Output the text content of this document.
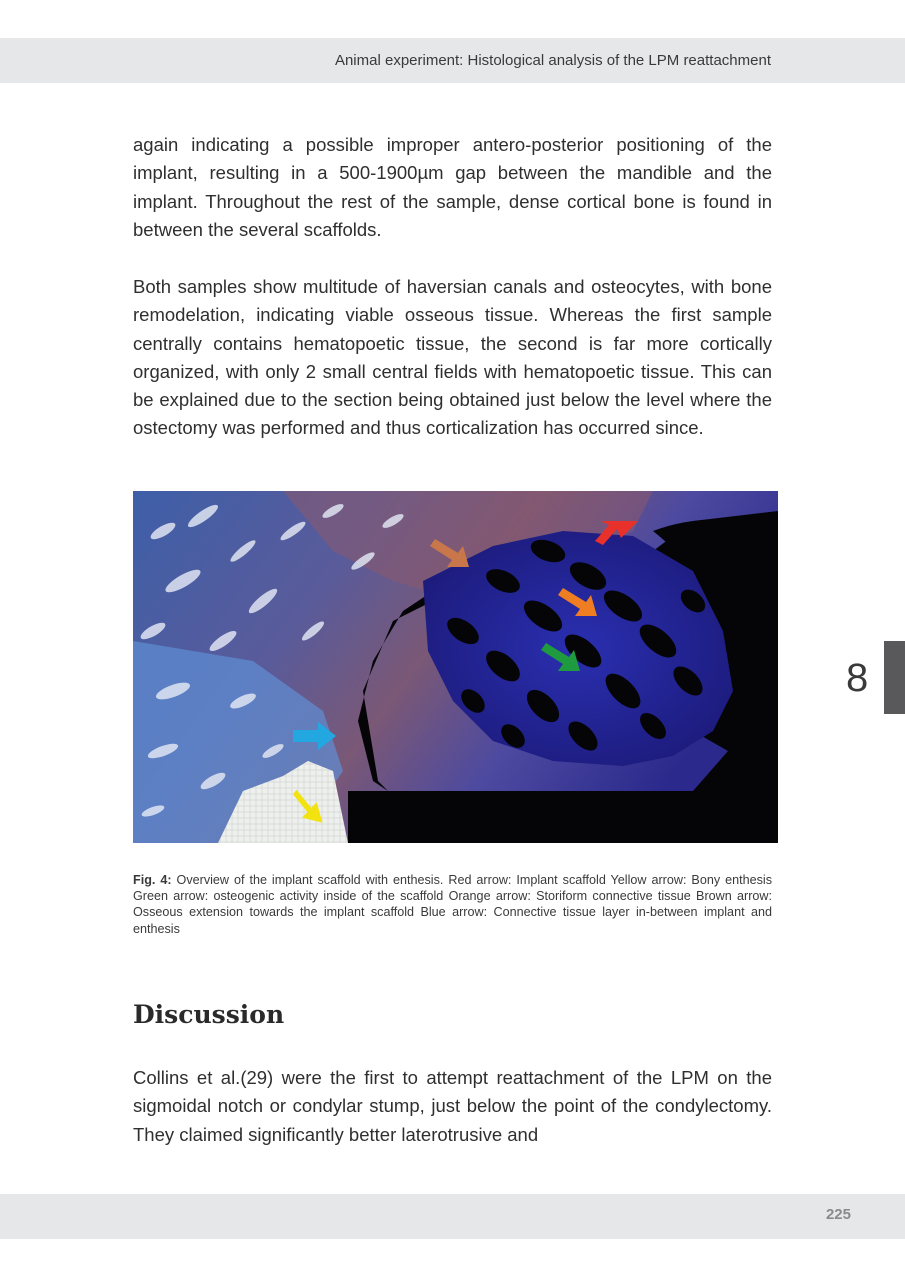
Animal experiment: Histological analysis of the LPM reattachment

again indicating a possible improper antero-posterior positioning of the implant, resulting in a 500-1900µm gap between the mandible and the implant. Throughout the rest of the sample, dense cortical bone is found in between the several scaffolds.

Both samples show multitude of haversian canals and osteocytes, with bone remodelation, indicating viable osseous tissue. Whereas the first sample centrally contains hematopoetic tissue, the second is far more cortically organized, with only 2 small central fields with hematopoetic tissue. This can be explained due to the section being obtained just below the level where the ostectomy was performed and thus corticalization has occurred since.

Fig. 4: Overview of the implant scaffold with enthesis. Red arrow: Implant scaffold Yellow arrow: Bony enthesis Green arrow: osteogenic activity inside of the scaffold Orange arrow: Storiform connective tissue Brown arrow: Osseous extension towards the implant scaffold Blue arrow: Connective tissue layer in-between implant and enthesis

Discussion

Collins et al.(29) were the first to attempt reattachment of the LPM on the sigmoidal notch or condylar stump, just below the point of the condylectomy. They claimed significantly better laterotrusive and

8
225
